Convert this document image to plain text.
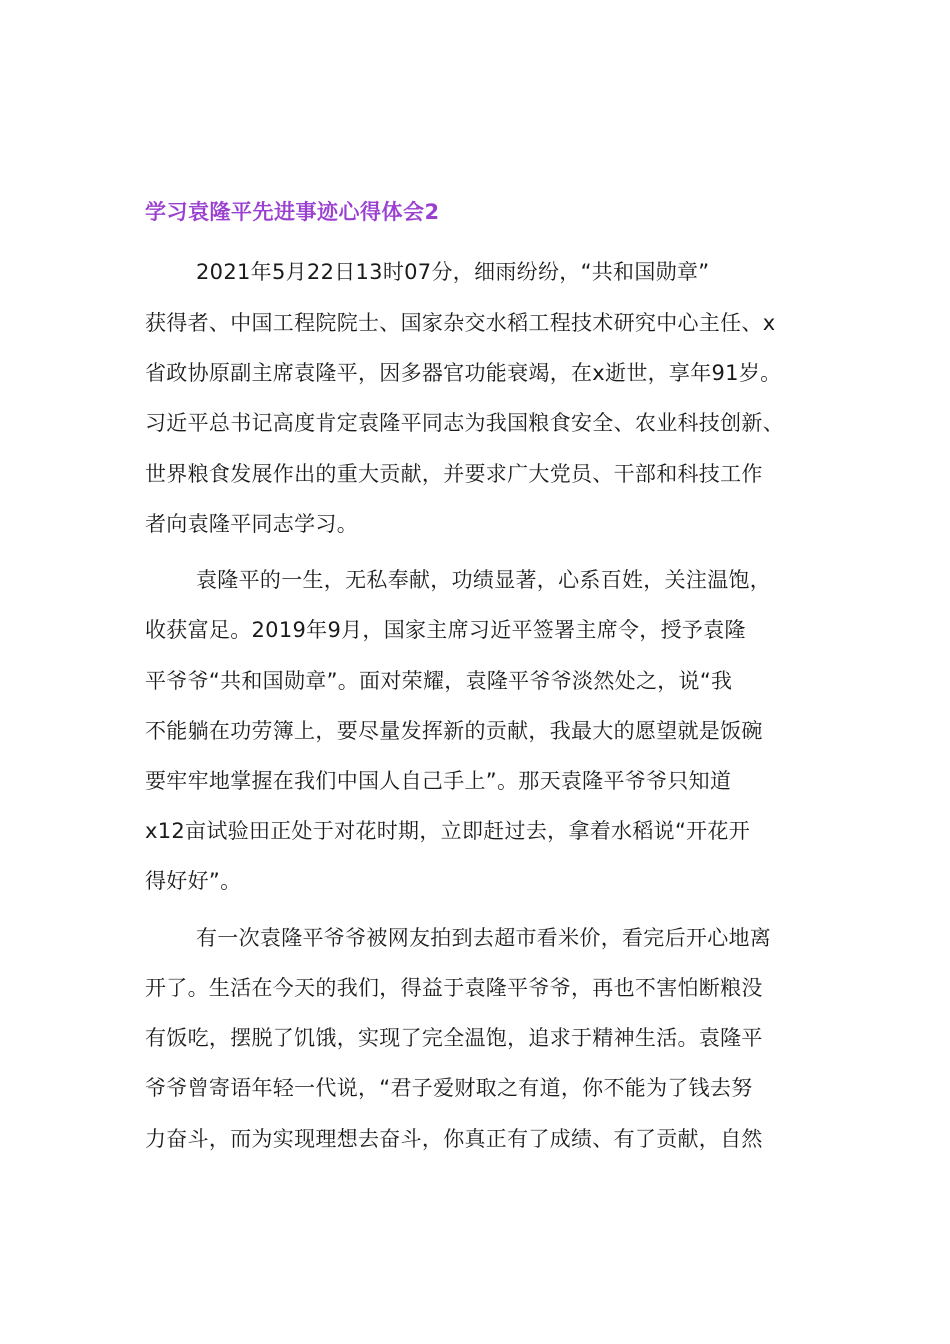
学习袁隆平先进事迹心得体会2
2021年5月22日13时07分，细雨纷纷，“共和国勋章”
获得者、中国工程院院士、国家杂交水稻工程技术研究中心主任、x
省政协原副主席袁隆平，因多器官功能衰竭，在x逝世，享年91岁。
习近平总书记高度肯定袁隆平同志为我国粮食安全、农业科技创新、
世界粮食发展作出的重大贡献，并要求广大党员、干部和科技工作
者向袁隆平同志学习。
袁隆平的一生，无私奉献，功绩显著，心系百姓，关注温饱，
收获富足。2019年9月，国家主席习近平签署主席令，授予袁隆
平爷爷“共和国勋章”。面对荣耀，袁隆平爷爷淡然处之，说“我
不能躺在功劳簿上，要尽量发挥新的贡献，我最大的愿望就是饭碗
要牢牢地掌握在我们中国人自己手上”。那天袁隆平爷爷只知道
x12亩试验田正处于对花时期，立即赶过去，拿着水稻说“开花开
得好好”。
有一次袁隆平爷爷被网友拍到去超市看米价，看完后开心地离
开了。生活在今天的我们，得益于袁隆平爷爷，再也不害怕断粮没
有饭吃，摆脱了饥饿，实现了完全温饱，追求于精神生活。袁隆平
爷爷曾寄语年轻一代说，“君子爱财取之有道，你不能为了钱去努
力奋斗，而为实现理想去奋斗，你真正有了成绩、有了贡献，自然
